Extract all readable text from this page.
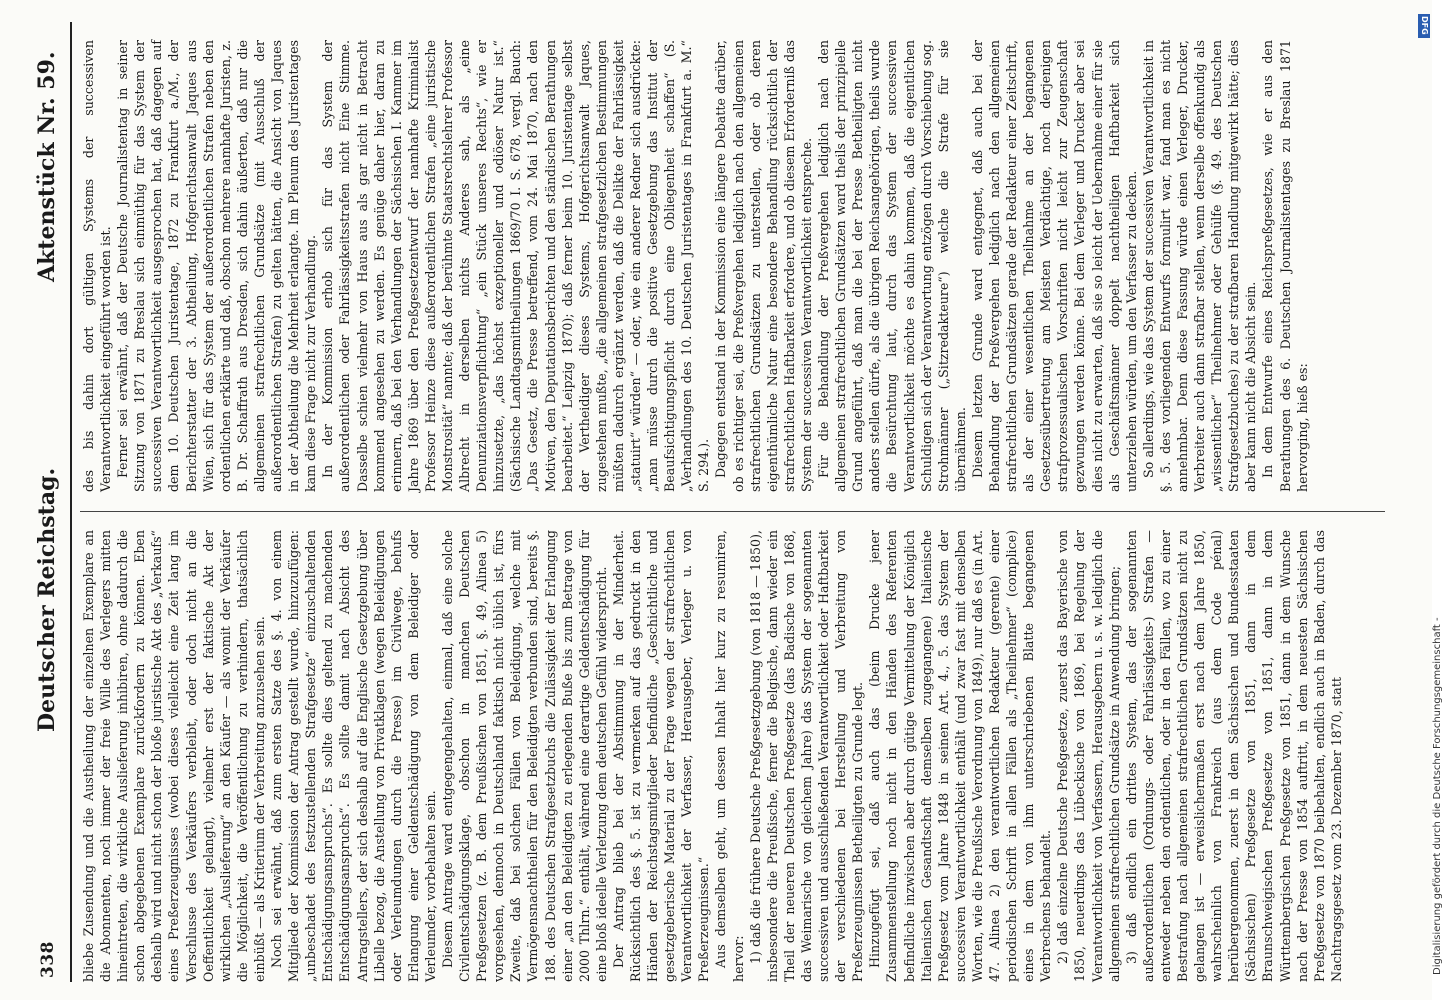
338
Deutscher Reichstag.
Aktenstück Nr. 59.

bliebe Zusendung und die Austheilung der einzelnen Exemplare an die Abonnenten, noch immer der freie Wille des Verlegers mitten hineintreten, die wirkliche Auslieferung inhibiren, ohne dadurch die schon abgegebenen Exemplare zurückfordern zu können. Eben deshalb wird und nicht schon der bloße juristische Akt des „Verkaufs“ eines Preßerzeugnisses (wobei dieses vielleicht eine Zeit lang im Verschlusse des Verkäufers verbleibt, oder doch nicht an die Oeffentlichkeit gelangt), vielmehr erst der faktische Akt der wirklichen „Auslieferung“ an den Käufer — als womit der Verkäufer die Möglichkeit, die Veröffentlichung zu verhindern, thatsächlich einbüßt — als Kriterium der Verbreitung anzusehen sein. Noch sei erwähnt, daß zum ersten Satze des §. 4. von einem Mitgliede der Kommission der Antrag gestellt wurde, hinzuzufügen: „unbeschadet des festzustellenden Strafgesetze“ einzuschaltenden Entschädigungsanspruchs“. Es sollte dies geltend zu machenden Entschädigungsanspruchs“. Es sollte damit nach Absicht des Antragstellers, der sich deshalb auf die Englische Gesetzgebung über Libelle bezog, die Anstellung von Privatklagen (wegen Beleidigungen oder Verleumdungen durch die Presse) im Civilwege, behufs Erlangung einer Geldentschädigung von dem Beleidiger oder Verleumder, vorbehalten sein. Diesem Antrage ward entgegengehalten, einmal, daß eine solche Civilentschädigungsklage, obschon in manchen Deutschen Preßgesetzen (z. B. dem Preußischen von 1851, §. 49, Alinea 5) vorgesehen, dennoch in Deutschland faktisch nicht üblich ist, fürs Zweite, daß bei solchen Fällen von Beleidigung, welche mit Vermögensnachtheilen für den Beleidigten verbunden sind, bereits §. 188. des Deutschen Strafgesetzbuchs die Zulässigkeit der Erlangung einer „an den Beleidigten zu erlegenden Buße bis zum Betrage von 2000 Thlrn.“ enthält, während eine derartige Geldentschädigung für eine bloß ideelle Verletzung dem deutschen Gefühl widerspricht. Der Antrag blieb bei der Abstimmung in der Minderheit. Rücksichtlich des §. 5. ist zu vermerken auf das gedruckt in den Händen der Reichstagsmitglieder befindliche „Geschichtliche und gesetzgeberische Material zu der Frage wegen der strafrechtlichen Verantwortlichkeit der Verfasser, Herausgeber, Verleger u. von Preßerzeugnissen.“ Aus demselben geht, um dessen Inhalt hier kurz zu resumiren, hervor: 1) daß die frühere Deutsche Preßgesetzgebung (von 1818 — 1850), insbesondere die Preußische, ferner die Belgische, dann wieder ein Theil der neueren Deutschen Preßgesetze (das Badische von 1868, das Weimarische von gleichem Jahre) das System der sogenannten successiven und ausschließenden Verantwortlichkeit oder Haftbarkeit der verschiedenen bei Herstellung und Verbreitung von Preßerzeugnissen Betheiligten zu Grunde legt. Hinzugefügt sei, daß auch das (beim Drucke jener Zusammenstellung noch nicht in den Händen des Referenten befindliche inzwischen aber durch gütige Vermittelung der Königlich Italienischen Gesandtschaft demselben zugegangene) Italienische Preßgesetz vom Jahre 1848 in seinen Art. 4., 5. das System der successiven Verantwortlichkeit enthält (und zwar fast mit denselben Worten, wie die Preußische Verordnung von 1849), nur daß es (in Art. 47. Alinea 2) den verantwortlichen Redakteur (gerente) einer periodischen Schrift in allen Fällen als „Theilnehmer“ (complice) eines in dem von ihm unterschriebenen Blatte begangenen Verbrechens behandelt. 2) daß einzelne Deutsche Preßgesetze, zuerst das Bayerische von 1850, neuerdings das Lübeckische von 1869, bei Regelung der Verantwortlichkeit von Verfassern, Herausgebern u. s. w. lediglich die allgemeinen strafrechtlichen Grundsätze in Anwendung bringen; 3) daß endlich ein drittes System, das der sogenannten außerordentlichen (Ordnungs- oder Fahrlässigkeits-) Strafen — entweder neben den ordentlichen, oder in den Fällen, wo zu einer Bestrafung nach allgemeinen strafrechtlichen Grundsätzen nicht zu gelangen ist — erweislichermaßen erst nach dem Jahre 1850, wahrscheinlich von Frankreich (aus dem Code pénal) herübergenommen, zuerst in dem Sächsischen und Bundesstaaten (Sächsischen) Preßgesetze von 1851, dann in dem Braunschweigischen Preßgesetze von 1851, dann in dem Württembergischen Preßgesetze von 1851, dann in dem Wunsche nach der Presse von 1854 auftritt, in dem neuesten Sächsischen Preßgesetze von 1870 beibehalten, endlich auch in Baden, durch das Nachtragsgesetz vom 23. Dezember 1870, statt

des bis dahin dort gültigen Systems der successiven Verantwortlichkeit eingeführt worden ist. Ferner sei erwähnt, daß der Deutsche Journalistentag in seiner Sitzung von 1871 zu Breslau sich einmüthig für das System der successiven Verantwortlichkeit ausgesprochen hat, daß dagegen auf dem 10. Deutschen Juristentage, 1872 zu Frankfurt a./M., der Berichterstatter der 3. Abtheilung, Hofgerichtsanwalt Jaques aus Wien, sich für das System der außerordentlichen Strafen neben den ordentlichen erklärte und daß, obschon mehrere namhafte Juristen, z. B. Dr. Schaffrath aus Dresden, sich dahin äußerten, daß nur die allgemeinen strafrechtlichen Grundsätze (mit Ausschluß der außerordentlichen Strafen) zu gelten hätten, die Ansicht von Jaques in der Abtheilung die Mehrheit erlangte. Im Plenum des Juristentages kam diese Frage nicht zur Verhandlung. In der Kommission erhob sich für das System der außerordentlichen oder Fahrlässigkeitsstrafen nicht Eine Stimme. Dasselbe schien vielmehr von Haus aus als gar nicht in Betracht kommend angesehen zu werden. Es genüge daher hier, daran zu erinnern, daß bei den Verhandlungen der Sächsischen I. Kammer im Jahre 1869 über den Preßgesetzentwurf der namhafte Kriminalist Professor Heinze diese außerordentlichen Strafen „eine juristische Monstrosität“ nannte; daß der berühmte Staatsrechtslehrer Professor Albrecht in derselben nichts Anderes sah, als „eine Denunziationsverpflichtung“ „ein Stück unseres Rechts“, wie er hinzusetzte, „das höchst exzeptioneller und odiöser Natur ist.“ (Sächsische Landtagsmittheilungen 1869/70 I. S. 678, vergl. Bauch: „Das Gesetz, die Presse betreffend, vom 24. Mai 1870, nach den Motiven, den Deputationsberichten und den ständischen Berathungen bearbeitet.“ Leipzig 1870); daß ferner beim 10. Juristentage selbst der Vertheidiger dieses Systems, Hofgerichtsanwalt Jaques, zugestehen mußte, „die allgemeinen strafgesetzlichen Bestimmungen müßten dadurch ergänzt werden, daß die Delikte der Fahrlässigkeit „statuirt“ würden“ — oder, wie ein anderer Redner sich ausdrückte: „man müsse durch die positive Gesetzgebung das Institut der Beaufsichtigungspflicht durch eine Obliegenheit schaffen“ (S. „Verhandlungen des 10. Deutschen Juristentages in Frankfurt a. M.“ S. 294.). Dagegen entstand in der Kommission eine längere Debatte darüber, ob es richtiger sei, die Preßvergehen lediglich nach den allgemeinen strafrechtlichen Grundsätzen zu unterstellen, oder ob deren eigenthümliche Natur eine besondere Behandlung rücksichtlich der strafrechtlichen Haftbarkeit erfordere, und ob diesem Erforderniß das System der successiven Verantwortlichkeit entspreche. Für die Behandlung der Preßvergehen lediglich nach den allgemeinen strafrechtlichen Grundsätzen ward theils der prinzipielle Grund angeführt, daß man die bei der Presse Betheiligten nicht anders stellen dürfe, als die übrigen Reichsangehörigen, theils wurde die Besürchtung laut, durch das System der successiven Verantwortlichkeit möchte es dahin kommen, daß die eigentlichen Schuldigen sich der Verantwortung entzögen durch Vorschiebung sog. Strohmänner („Sitzredakteure“) welche die Strafe für sie übernähmen. Diesem letzten Grunde ward entgegnet, daß auch bei der Behandlung der Preßvergehen lediglich nach den allgemeinen strafrechtlichen Grundsätzen gerade der Redakteur einer Zeitschrift, als der einer wesentlichen Theilnahme an der begangenen Gesetzesübertretung am Meisten Verdächtige, noch derjenigen strafprozessualischen Vorschriften nicht leicht zur Zeugenschaft gezwungen werden könne. Bei dem Verleger und Drucker aber sei dies nicht zu erwarten, daß sie so leicht der Uebernahme einer für sie als Geschäftsmänner doppelt nachtheiligen Haftbarkeit sich unterziehen würden, um den Verfasser zu decken. So allerdings, wie das System der successiven Verantwortlichkeit in §. 5. des vorliegenden Entwurfs formulirt war, fand man es nicht annehmbar. Denn diese Fassung würde einen Verleger, Drucker, Verbreiter auch dann strafbar stellen, wenn derselbe offenkundig als „wissentlicher“ Theilnehmer oder Gehülfe (§. 49. des Deutschen Strafgesetzbuches) zu der strafbaren Handlung mitgewirkt hätte; dies aber kann nicht die Absicht sein. In dem Entwurfe eines Reichspreßgesetzes, wie er aus den Berathungen des 6. Deutschen Journalistentages zu Breslau 1871 hervorging, hieß es:

DFG
Digitalisierung gefördert durch die Deutsche Forschungsgemeinschaft -
